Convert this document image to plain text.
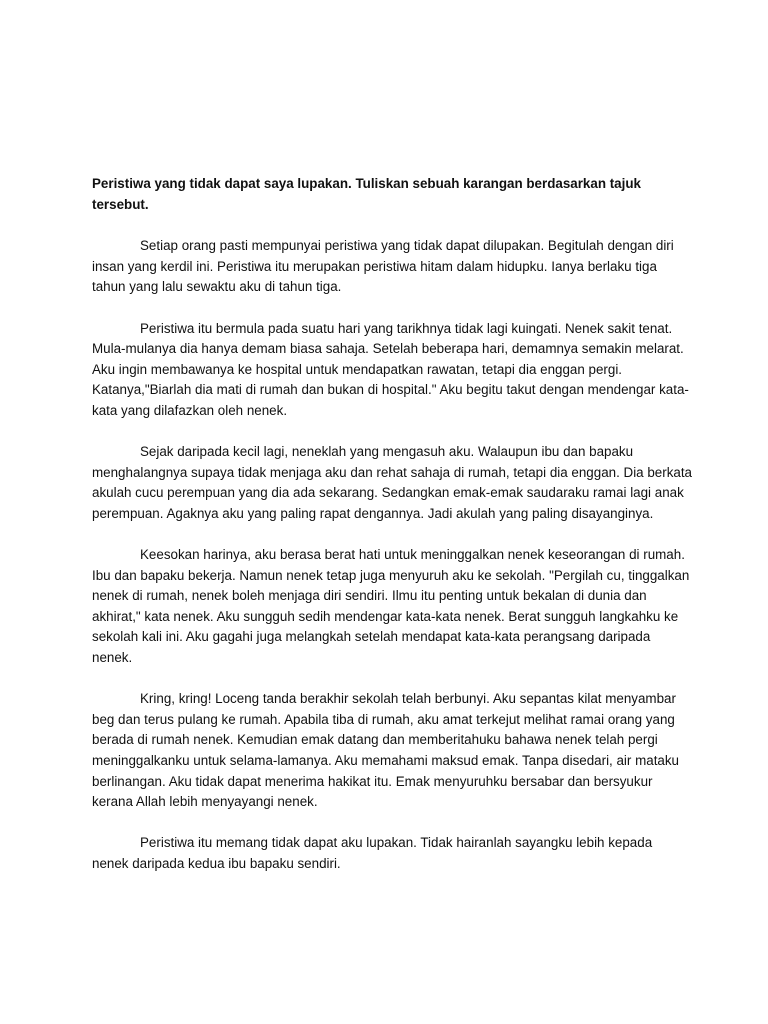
Peristiwa yang tidak dapat saya lupakan. Tuliskan sebuah karangan berdasarkan tajuk tersebut.

Setiap orang pasti mempunyai peristiwa yang tidak dapat dilupakan. Begitulah dengan diri insan yang kerdil ini. Peristiwa itu merupakan peristiwa hitam dalam hidupku. Ianya berlaku tiga tahun yang lalu sewaktu aku di tahun tiga.

Peristiwa itu bermula pada suatu hari yang tarikhnya tidak lagi kuingati. Nenek sakit tenat. Mula-mulanya dia hanya demam biasa sahaja. Setelah beberapa hari, demamnya semakin melarat. Aku ingin membawanya ke hospital untuk mendapatkan rawatan, tetapi dia enggan pergi. Katanya,"Biarlah dia mati di rumah dan bukan di hospital." Aku begitu takut dengan mendengar kata-kata yang dilafazkan oleh nenek.

Sejak daripada kecil lagi, neneklah yang mengasuh aku. Walaupun ibu dan bapaku menghalangnya supaya tidak menjaga aku dan rehat sahaja di rumah, tetapi dia enggan. Dia berkata akulah cucu perempuan yang dia ada sekarang. Sedangkan emak-emak saudaraku ramai lagi anak perempuan. Agaknya aku yang paling rapat dengannya. Jadi akulah yang paling disayanginya.

Keesokan harinya, aku berasa berat hati untuk meninggalkan nenek keseorangan di rumah. Ibu dan bapaku bekerja. Namun nenek tetap juga menyuruh aku ke sekolah. "Pergilah cu, tinggalkan nenek di rumah, nenek boleh menjaga diri sendiri. Ilmu itu penting untuk bekalan di dunia dan akhirat," kata nenek. Aku sungguh sedih mendengar kata-kata nenek. Berat sungguh langkahku ke sekolah kali ini. Aku gagahi juga melangkah setelah mendapat kata-kata perangsang daripada nenek.

Kring, kring! Loceng tanda berakhir sekolah telah berbunyi. Aku sepantas kilat menyambar beg dan terus pulang ke rumah. Apabila tiba di rumah, aku amat terkejut melihat ramai orang yang berada di rumah nenek. Kemudian emak datang dan memberitahuku bahawa nenek telah pergi meninggalkanku untuk selama-lamanya. Aku memahami maksud emak. Tanpa disedari, air mataku berlinangan. Aku tidak dapat menerima hakikat itu. Emak menyuruhku bersabar dan bersyukur kerana Allah lebih menyayangi nenek.

Peristiwa itu memang tidak dapat aku lupakan. Tidak hairanlah sayangku lebih kepada nenek daripada kedua ibu bapaku sendiri.
